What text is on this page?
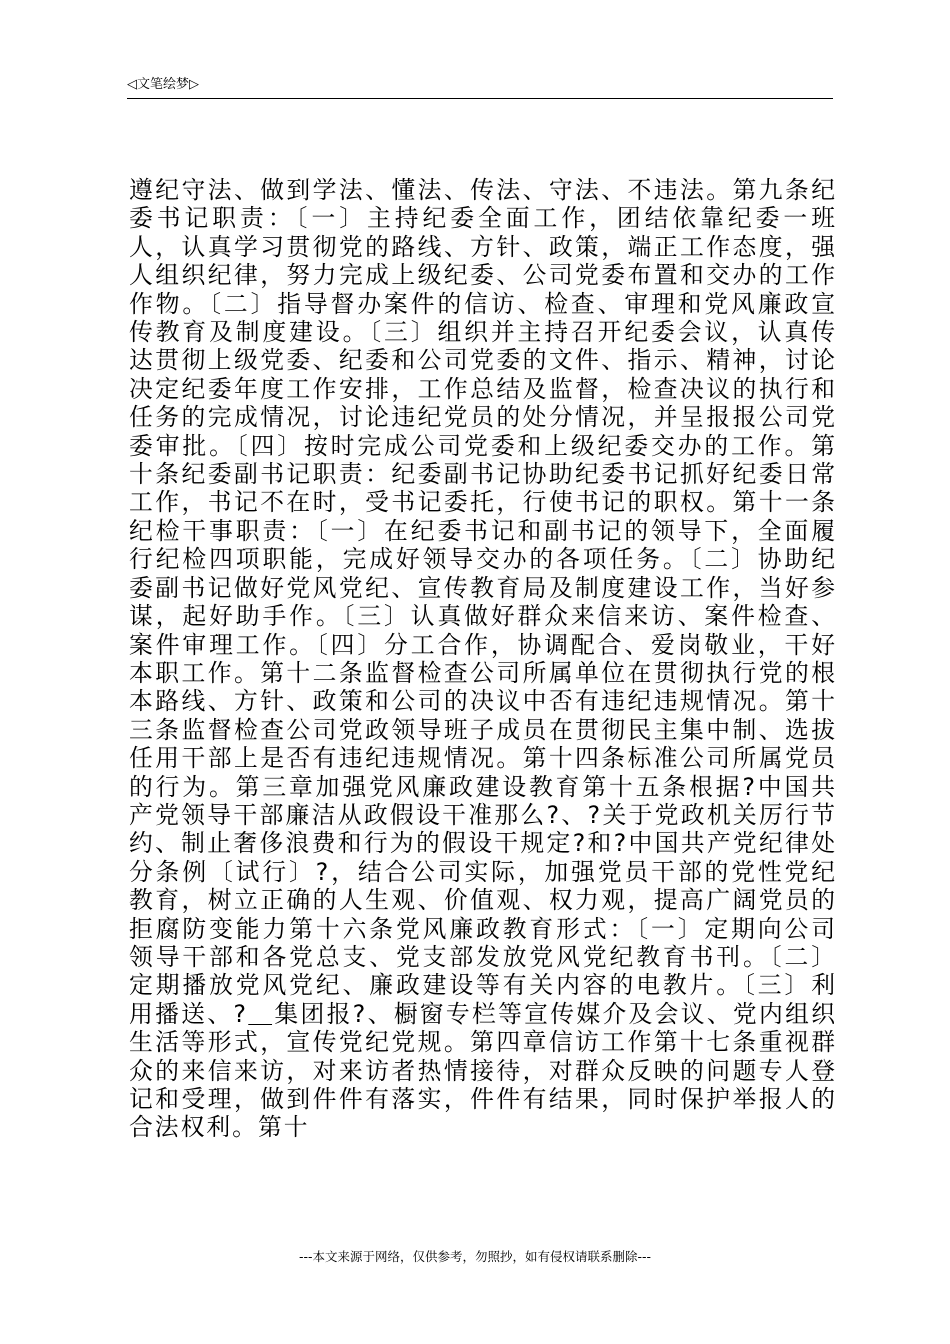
◁文笔绘梦▷

遵纪守法、做到学法、懂法、传法、守法、不违法。第九条纪委书记职责：〔一〕主持纪委全面工作，团结依靠纪委一班人，认真学习贯彻党的路线、方针、政策，端正工作态度，强人组织纪律，努力完成上级纪委、公司党委布置和交办的工作作物。〔二〕指导督办案件的信访、检查、审理和党风廉政宣传教育及制度建设。〔三〕组织并主持召开纪委会议，认真传达贯彻上级党委、纪委和公司党委的文件、指示、精神，讨论决定纪委年度工作安排，工作总结及监督，检查决议的执行和任务的完成情况，讨论违纪党员的处分情况，并呈报报公司党委审批。〔四〕按时完成公司党委和上级纪委交办的工作。第十条纪委副书记职责：纪委副书记协助纪委书记抓好纪委日常工作，书记不在时，受书记委托，行使书记的职权。第十一条纪检干事职责：〔一〕在纪委书记和副书记的领导下，全面履行纪检四项职能，完成好领导交办的各项任务。〔二〕协助纪委副书记做好党风党纪、宣传教育局及制度建设工作，当好参谋，起好助手作。〔三〕认真做好群众来信来访、案件检查、案件审理工作。〔四〕分工合作，协调配合、爱岗敬业，干好本职工作。第十二条监督检查公司所属单位在贯彻执行党的根本路线、方针、政策和公司的决议中否有违纪违规情况。第十三条监督检查公司党政领导班子成员在贯彻民主集中制、选拔任用干部上是否有违纪违规情况。第十四条标准公司所属党员的行为。第三章加强党风廉政建设教育第十五条根据?中国共产党领导干部廉洁从政假设干准那么?、?关于党政机关厉行节约、制止奢侈浪费和行为的假设干规定?和?中国共产党纪律处分条例〔试行〕?，结合公司实际，加强党员干部的党性党纪教育，树立正确的人生观、价值观、权力观，提高广阔党员的拒腐防变能力第十六条党风廉政教育形式：〔一〕定期向公司领导干部和各党总支、党支部发放党风党纪教育书刊。〔二〕定期播放党风党纪、廉政建设等有关内容的电教片。〔三〕利用播送、?＿集团报?、橱窗专栏等宣传媒介及会议、党内组织生活等形式，宣传党纪党规。第四章信访工作第十七条重视群众的来信来访，对来访者热情接待，对群众反映的问题专人登记和受理，做到件件有落实，件件有结果，同时保护举报人的合法权利。第十

---本文来源于网络，仅供参考，勿照抄，如有侵权请联系删除---
